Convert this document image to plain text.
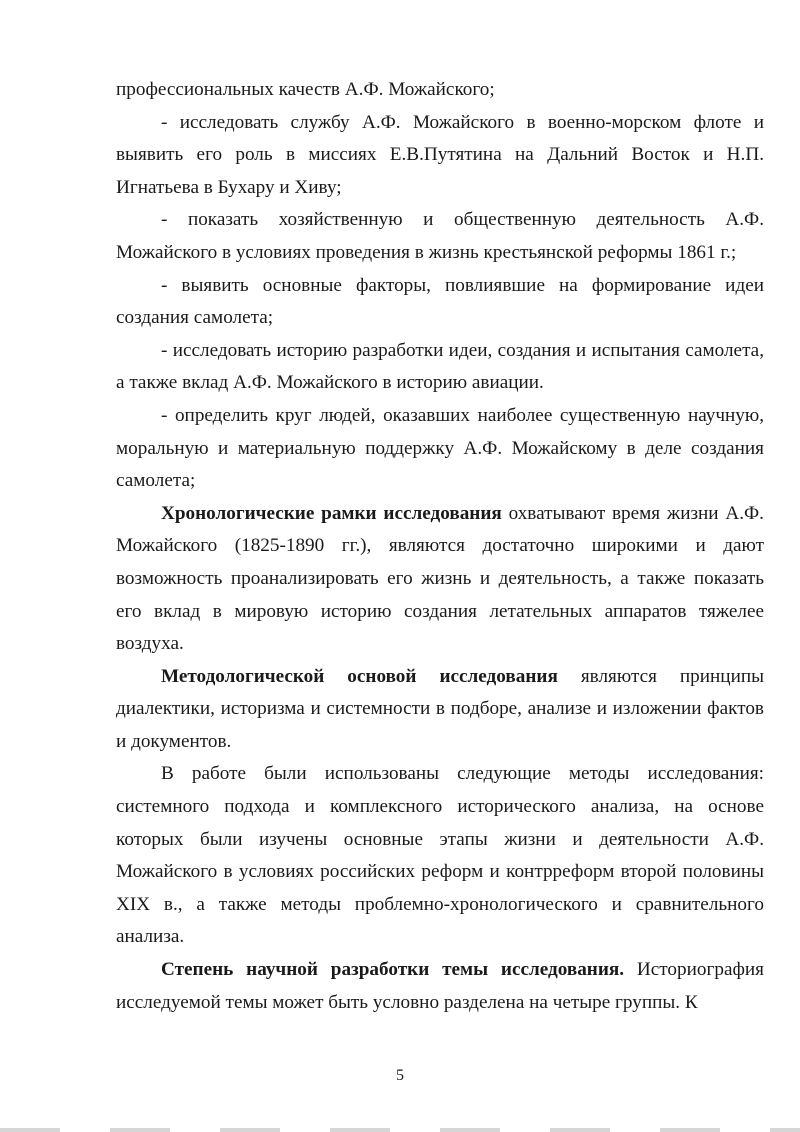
профессиональных качеств А.Ф. Можайского;

- исследовать службу А.Ф. Можайского в военно-морском флоте и выявить его роль в миссиях Е.В.Путятина на Дальний Восток и Н.П. Игнатьева в Бухару и Хиву;

- показать хозяйственную и общественную деятельность А.Ф. Можайского в условиях проведения в жизнь крестьянской реформы 1861 г.;

- выявить основные факторы, повлиявшие на формирование идеи создания самолета;

- исследовать историю разработки идеи, создания и испытания самолета, а также вклад А.Ф. Можайского в историю авиации.

- определить круг людей, оказавших наиболее существенную научную, моральную и материальную поддержку А.Ф. Можайскому в деле создания самолета;

Хронологические рамки исследования охватывают время жизни А.Ф. Можайского (1825-1890 гг.), являются достаточно широкими и дают возможность проанализировать его жизнь и деятельность, а также показать его вклад в мировую историю создания летательных аппаратов тяжелее воздуха.

Методологической основой исследования являются принципы диалектики, историзма и системности в подборе, анализе и изложении фактов и документов.

В работе были использованы следующие методы исследования: системного подхода и комплексного исторического анализа, на основе которых были изучены основные этапы жизни и деятельности А.Ф. Можайского в условиях российских реформ и контрреформ второй половины XIX в., а также методы проблемно-хронологического и сравнительного анализа.

Степень научной разработки темы исследования. Историография исследуемой темы может быть условно разделена на четыре группы. К

5
